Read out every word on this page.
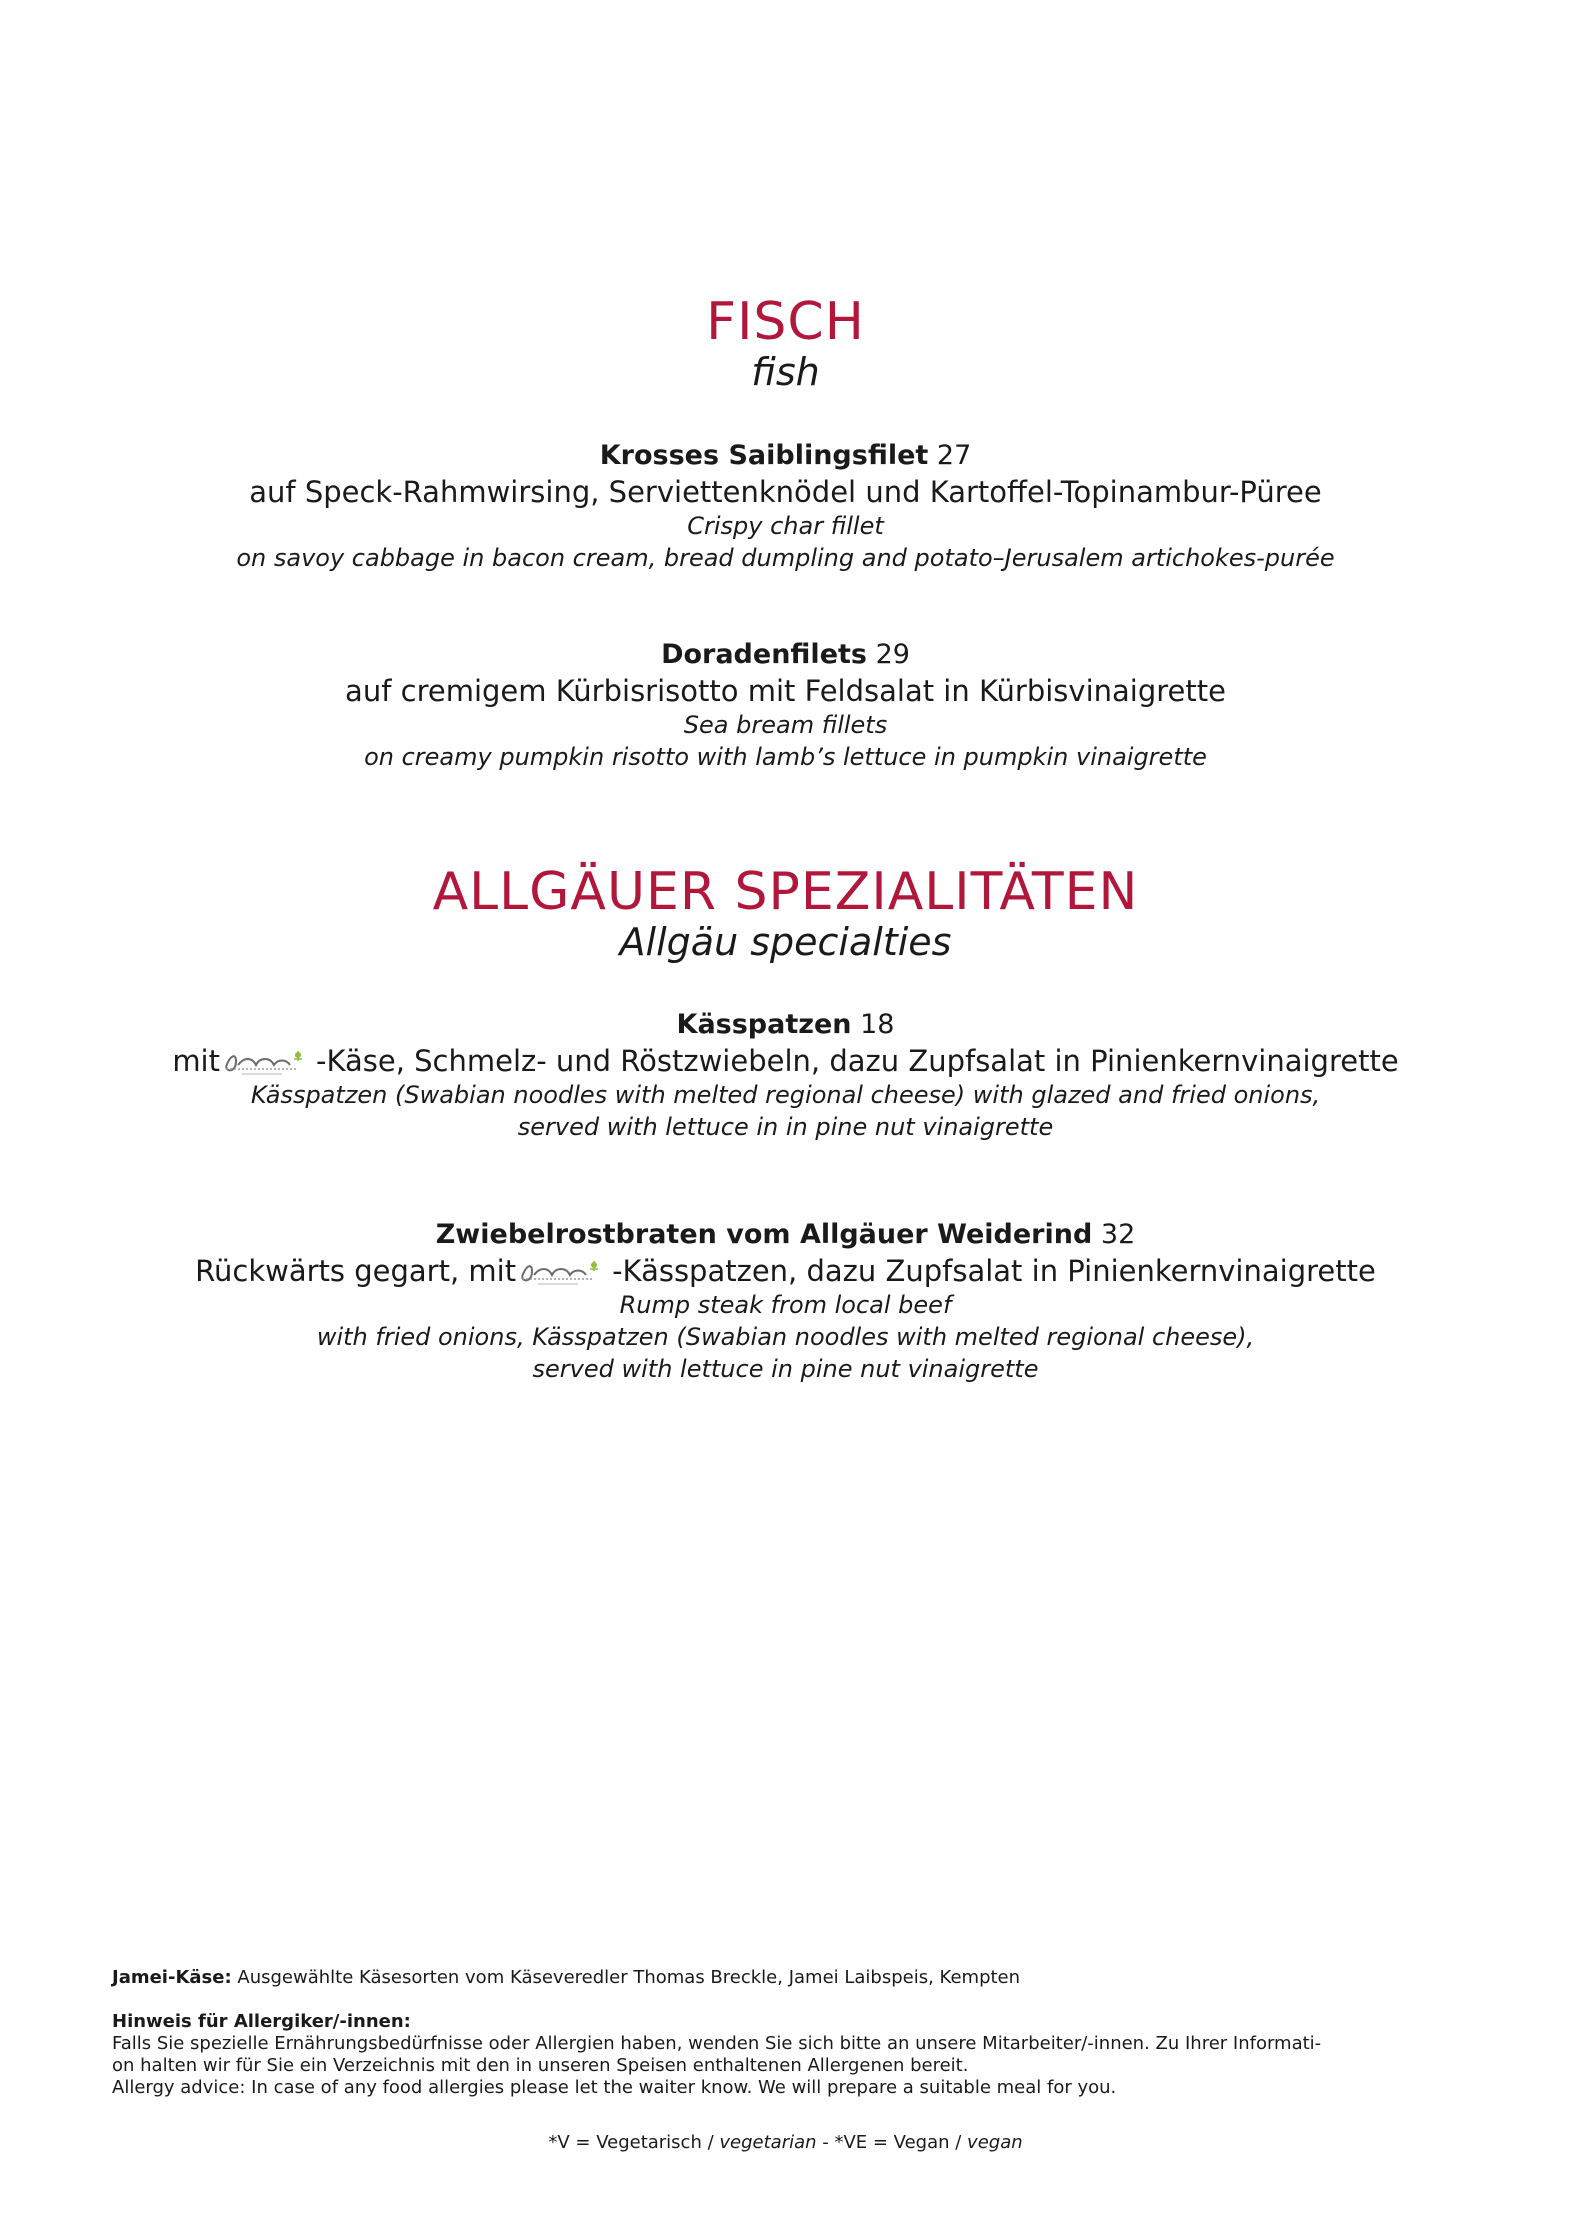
FISCH
fish
Krosses Saiblingsfilet 27
auf Speck-Rahmwirsing, Serviettenknödel und Kartoffel-Topinambur-Püree
Crispy char fillet
on savoy cabbage in bacon cream, bread dumpling and potato–Jerusalem artichokes-purée
Doradenfilets 29
auf cremigem Kürbisrisotto mit Feldsalat in Kürbisvinaigrette
Sea bream fillets
on creamy pumpkin risotto with lamb’s lettuce in pumpkin vinaigrette
ALLGÄUER SPEZIALITÄTEN
Allgäu specialties
Kässpatzen 18
mit	-Käse, Schmelz- und Röstzwiebeln, dazu Zupfsalat in Pinienkernvinaigrette
Kässpatzen (Swabian noodles with melted regional cheese) with glazed and fried onions,
served with lettuce in in pine nut vinaigrette
Zwiebelrostbraten vom Allgäuer Weiderind 32
Rückwärts gegart, mit	-Kässpatzen, dazu Zupfsalat in Pinienkernvinaigrette
Rump steak from local beef
with fried onions, Kässpatzen (Swabian noodles with melted regional cheese),
served with lettuce in pine nut vinaigrette
Jamei-Käse: Ausgewählte Käsesorten vom Käseveredler Thomas Breckle, Jamei Laibspeis, Kempten
Hinweis für Allergiker/-innen:
Falls Sie spezielle Ernährungsbedürfnisse oder Allergien haben, wenden Sie sich bitte an unsere Mitarbeiter/-innen. Zu Ihrer Informati-
on halten wir für Sie ein Verzeichnis mit den in unseren Speisen enthaltenen Allergenen bereit.
Allergy advice: In case of any food allergies please let the waiter know. We will prepare a suitable meal for you.
*V = Vegetarisch / vegetarian - *VE = Vegan / vegan
